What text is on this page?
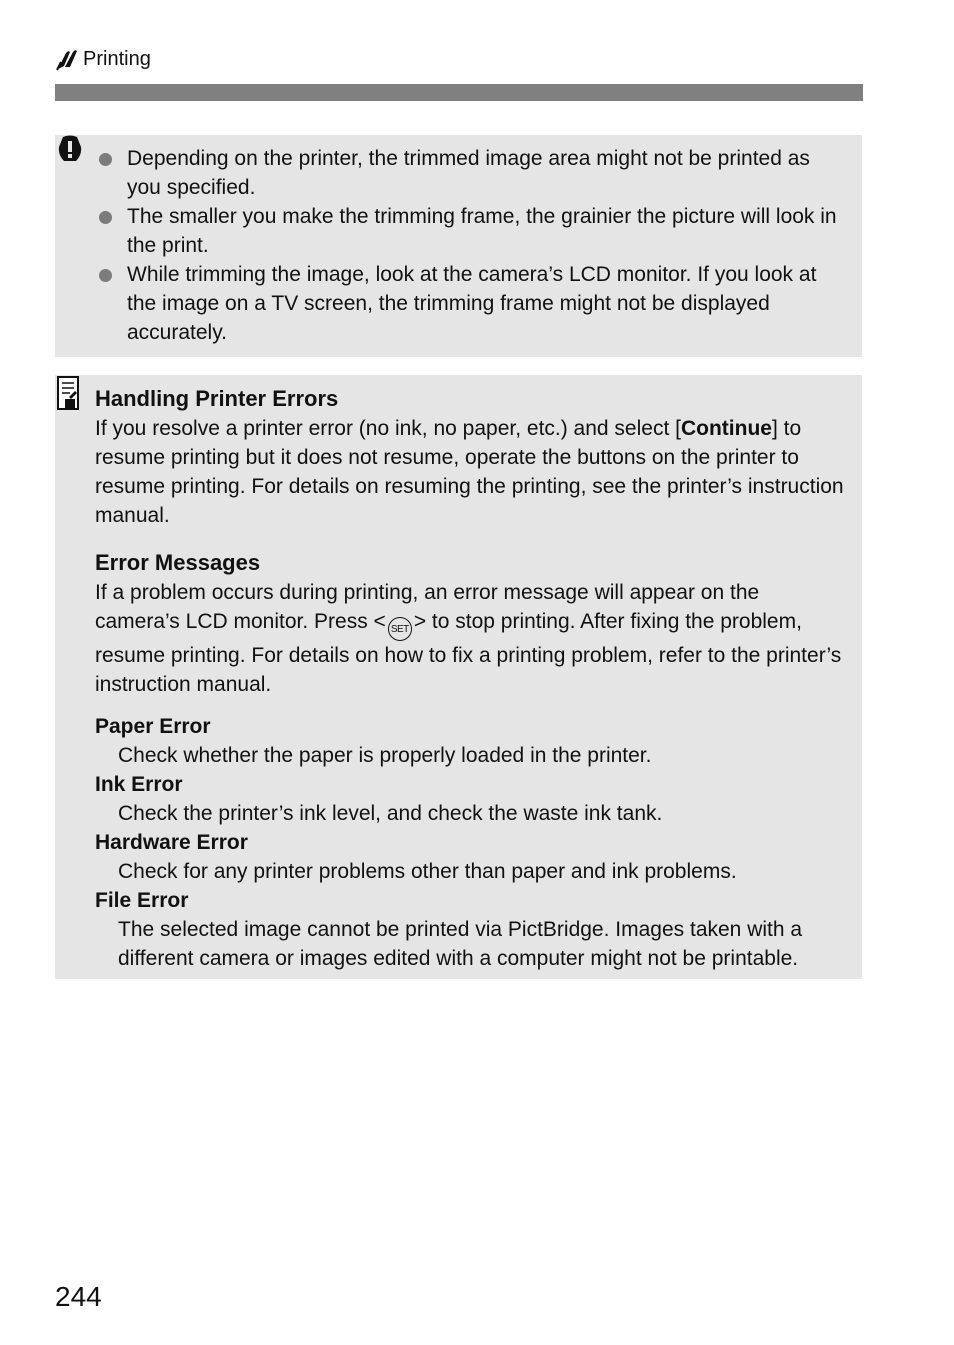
Printing
Depending on the printer, the trimmed image area might not be printed as you specified.
The smaller you make the trimming frame, the grainier the picture will look in the print.
While trimming the image, look at the camera’s LCD monitor. If you look at the image on a TV screen, the trimming frame might not be displayed accurately.
Handling Printer Errors

If you resolve a printer error (no ink, no paper, etc.) and select [Continue] to resume printing but it does not resume, operate the buttons on the printer to resume printing. For details on resuming the printing, see the printer’s instruction manual.

Error Messages

If a problem occurs during printing, an error message will appear on the camera’s LCD monitor. Press < SET > to stop printing. After fixing the problem, resume printing. For details on how to fix a printing problem, refer to the printer’s instruction manual.

Paper Error
Check whether the paper is properly loaded in the printer.
Ink Error
Check the printer’s ink level, and check the waste ink tank.
Hardware Error
Check for any printer problems other than paper and ink problems.
File Error
The selected image cannot be printed via PictBridge. Images taken with a different camera or images edited with a computer might not be printable.
244
